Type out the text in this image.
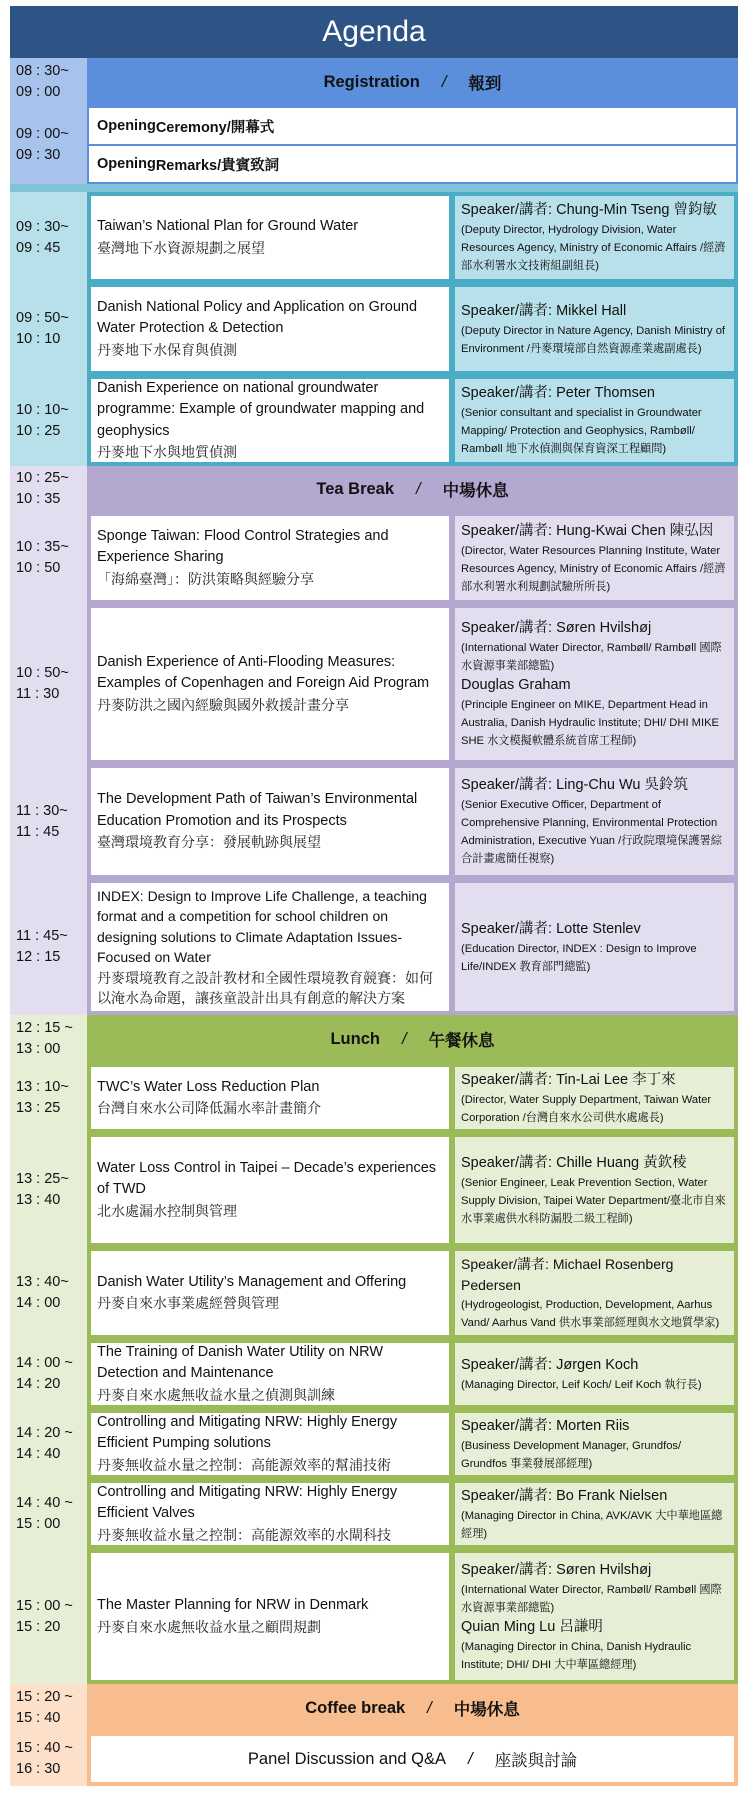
Agenda
08 : 30~
09 : 00
Registration / 報到
09 : 00~
09 : 30
Opening Ceremony/開幕式
Opening Remarks/貴賓致詞
09 : 30~
09 : 45
Taiwan’s National Plan for Ground Water
臺灣地下水資源規劃之展望
Speaker/講者: Chung-Min Tseng 曾鈞敏
(Deputy Director, Hydrology Division, Water Resources Agency, Ministry of Economic Affairs /經濟部水利署水文技術組副組長)
09 : 50~
10 : 10
Danish National Policy and Application on Ground Water Protection & Detection
丹麥地下水保育與偵測
Speaker/講者: Mikkel Hall
(Deputy Director in Nature Agency, Danish Ministry of Environment /丹麥環境部自然資源產業處副處長)
10 : 10~
10 : 25
Danish Experience on national groundwater programme: Example of groundwater mapping and geophysics
丹麥地下水與地質偵測
Speaker/講者: Peter Thomsen
(Senior consultant and specialist in Groundwater Mapping/ Protection and Geophysics, Rambøll/ Rambøll 地下水偵測與保育資深工程顧問)
10 : 25~
10 : 35
Tea Break / 中場休息
10 : 35~
10 : 50
Sponge Taiwan: Flood Control Strategies and Experience Sharing
「海綿臺灣」：防洪策略與經驗分享
Speaker/講者: Hung-Kwai Chen 陳弘因
(Director, Water Resources Planning Institute, Water Resources Agency, Ministry of Economic Affairs /經濟部水利署水利規劃試驗所所長)
10 : 50~
11 : 30
Danish Experience of Anti-Flooding Measures: Examples of Copenhagen and Foreign Aid Program
丹麥防洪之國內經驗與國外救援計畫分享
Speaker/講者: Søren Hvilshøj
(International Water Director, Rambøll/ Rambøll 國際水資源事業部總監)
Douglas Graham
(Principle Engineer on MIKE, Department Head in Australia, Danish Hydraulic Institute; DHI/ DHI MIKE SHE 水文模擬軟體系統首席工程師)
11 : 30~
11 : 45
The Development Path of Taiwan’s Environmental Education Promotion and its Prospects
臺灣環境教育分享：發展軌跡與展望
Speaker/講者: Ling-Chu Wu 吳鈴筑
(Senior Executive Officer, Department of Comprehensive Planning, Environmental Protection Administration, Executive Yuan /行政院環境保護署綜合計畫處簡任視察)
11 : 45~
12 : 15
INDEX: Design to Improve Life Challenge, a teaching format and a competition for school children on designing solutions to Climate Adaptation Issues-Focused on Water
丹麥環境教育之設計教材和全國性環境教育競賽：如何以淹水為命題，讓孩童設計出具有創意的解決方案
Speaker/講者: Lotte Stenlev
(Education Director, INDEX : Design to Improve Life/INDEX 教育部門總監)
12 : 15 ~
13 : 00
Lunch / 午餐休息
13 : 10~
13 : 25
TWC’s Water Loss Reduction Plan
台灣自來水公司降低漏水率計畫簡介
Speaker/講者: Tin-Lai Lee 李丁來
(Director, Water Supply Department, Taiwan Water Corporation /台灣自來水公司供水處處長)
13 : 25~
13 : 40
Water Loss Control in Taipei – Decade’s experiences of TWD
北水處漏水控制與管理
Speaker/講者: Chille Huang 黃欽稜
(Senior Engineer, Leak Prevention Section, Water Supply Division, Taipei Water Department/臺北市自來水事業處供水科防漏股二級工程師)
13 : 40~
14 : 00
Danish Water Utility’s Management and Offering
丹麥自來水事業處經營與管理
Speaker/講者: Michael Rosenberg Pedersen
(Hydrogeologist, Production, Development, Aarhus Vand/ Aarhus Vand 供水事業部經理與水文地質學家)
14 : 00 ~
14 : 20
The Training of Danish Water Utility on NRW Detection and Maintenance
丹麥自來水處無收益水量之偵測與訓練
Speaker/講者: Jørgen Koch
(Managing Director, Leif Koch/ Leif Koch 執行長)
14 : 20 ~
14 : 40
Controlling and Mitigating NRW: Highly Energy Efficient Pumping solutions
丹麥無收益水量之控制：高能源效率的幫浦技術
Speaker/講者: Morten Riis
(Business Development Manager, Grundfos/ Grundfos 事業發展部經理)
14 : 40 ~
15 : 00
Controlling and Mitigating NRW: Highly Energy Efficient Valves
丹麥無收益水量之控制：高能源效率的水閘科技
Speaker/講者: Bo Frank Nielsen
(Managing Director in China, AVK/AVK 大中華地區總經理)
15 : 00 ~
15 : 20
The Master Planning for NRW in Denmark
丹麥自來水處無收益水量之顧問規劃
Speaker/講者: Søren Hvilshøj
(International Water Director, Rambøll/ Rambøll 國際水資源事業部總監)
Quian Ming Lu 呂謙明
(Managing Director in China, Danish Hydraulic Institute; DHI/ DHI 大中華區總經理)
15 : 20 ~
15 : 40
Coffee break / 中場休息
15 : 40 ~
16 : 30
Panel Discussion and Q&A / 座談與討論
